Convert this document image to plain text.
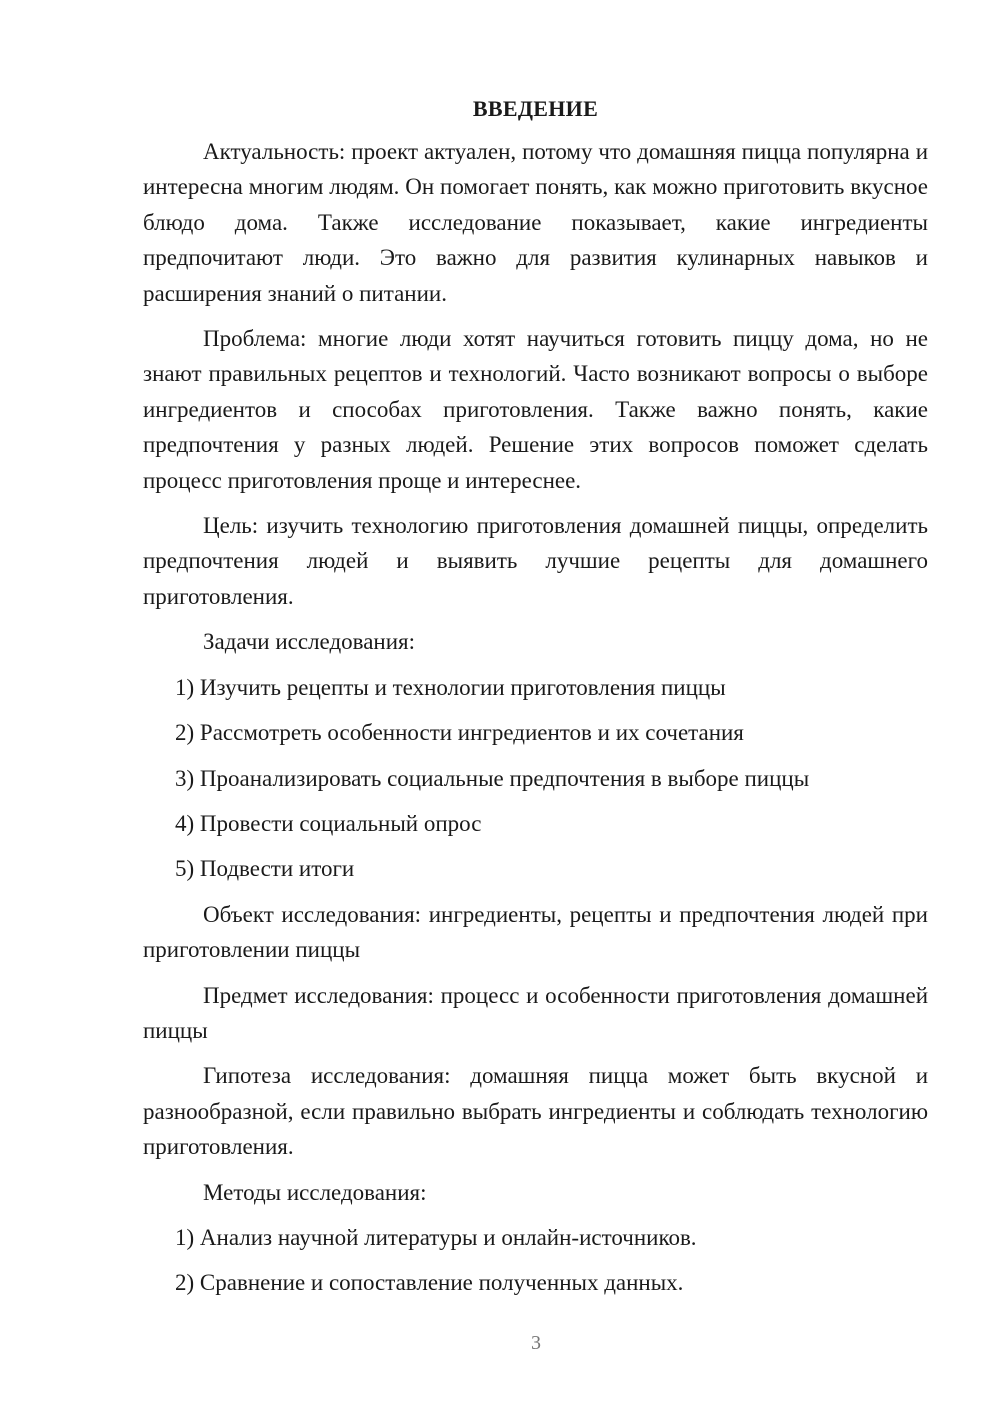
ВВЕДЕНИЕ

Актуальность: проект актуален, потому что домашняя пицца популярна и интересна многим людям. Он помогает понять, как можно приготовить вкусное блюдо дома. Также исследование показывает, какие ингредиенты предпочитают люди. Это важно для развития кулинарных навыков и расширения знаний о питании.

Проблема: многие люди хотят научиться готовить пиццу дома, но не знают правильных рецептов и технологий. Часто возникают вопросы о выборе ингредиентов и способах приготовления. Также важно понять, какие предпочтения у разных людей. Решение этих вопросов поможет сделать процесс приготовления проще и интереснее.

Цель: изучить технологию приготовления домашней пиццы, определить предпочтения людей и выявить лучшие рецепты для домашнего приготовления.

Задачи исследования:
1) Изучить рецепты и технологии приготовления пиццы
2) Рассмотреть особенности ингредиентов и их сочетания
3) Проанализировать социальные предпочтения в выборе пиццы
4) Провести социальный опрос
5) Подвести итоги

Объект исследования: ингредиенты, рецепты и предпочтения людей при приготовлении пиццы

Предмет исследования: процесс и особенности приготовления домашней пиццы

Гипотеза исследования: домашняя пицца может быть вкусной и разнообразной, если правильно выбрать ингредиенты и соблюдать технологию приготовления.

Методы исследования:
1) Анализ научной литературы и онлайн-источников.
2) Сравнение и сопоставление полученных данных.
3
